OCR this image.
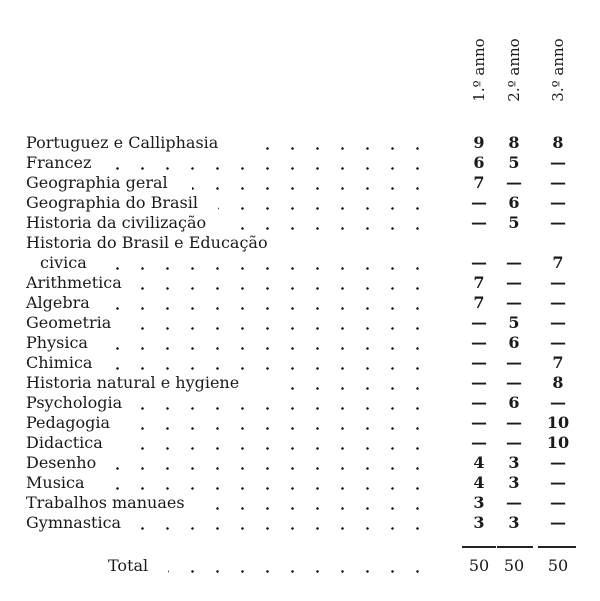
1.º anno 2.º anno 3.º anno
Portuguez e Calliphasia	9	8	8
Francez	6	5	—
Geographia geral	7	—	—
Geographia do Brasil	—	6	—
Historia da civilização	—	5	—
Historia do Brasil e Educação
civica	—	—	7
Arithmetica	7	—	—
Algebra	7	—	—
Geometria	—	5	—
Physica	—	6	—
Chimica	—	—	7
Historia natural e hygiene	—	—	8
Psychologia	—	6	—
Pedagogia	—	—	10
Didactica	—	—	10
Desenho	4	3	—
Musica	4	3	—
Trabalhos manuaes	3	—	—
Gymnastica	3	3	—
Total	50 50	50
